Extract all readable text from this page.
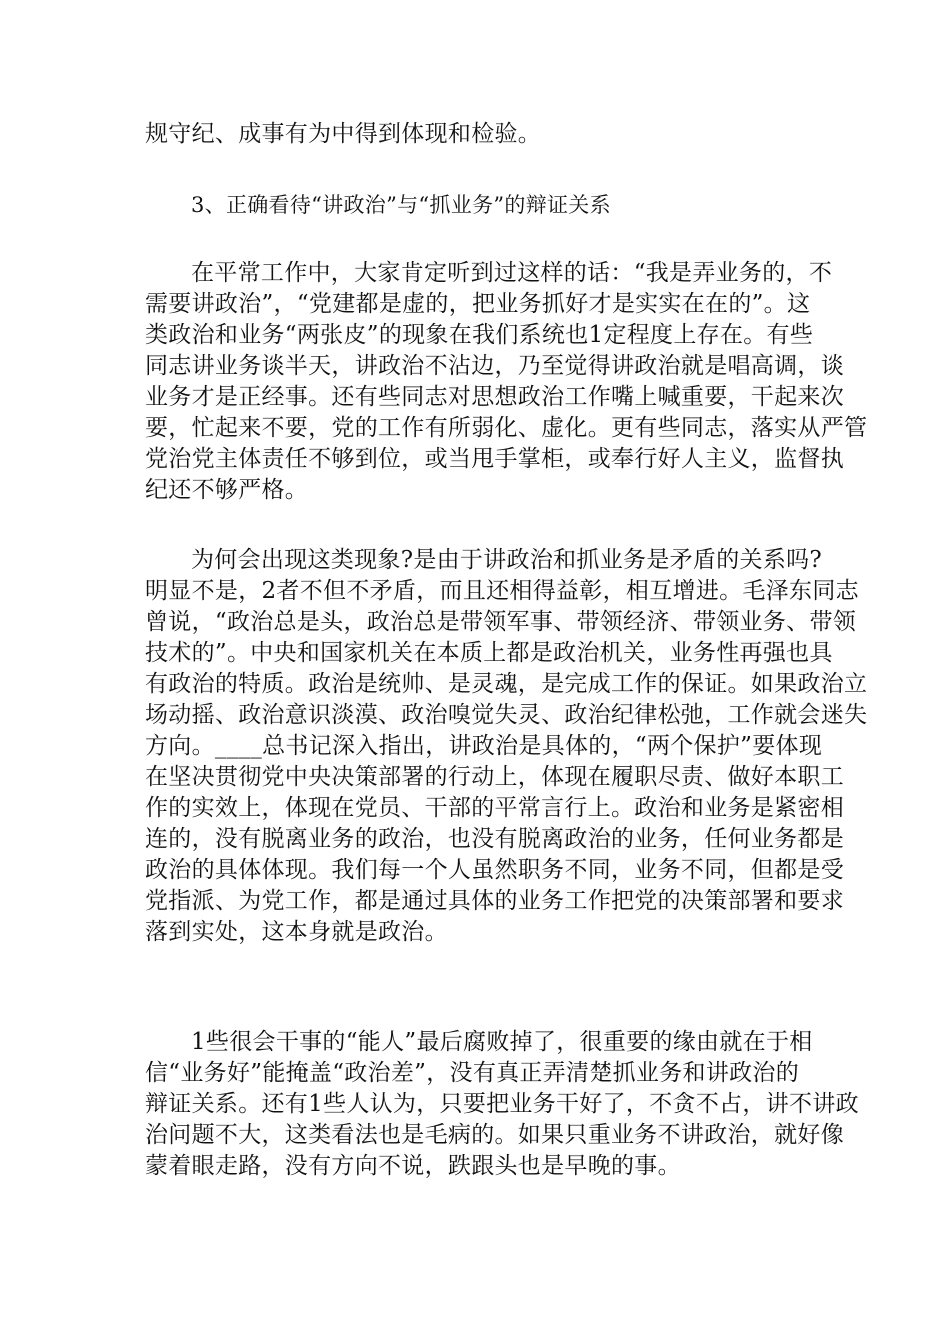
规守纪、成事有为中得到体现和检验。
3、正确看待“讲政治”与“抓业务”的辩证关系
在平常工作中，大家肯定听到过这样的话：“我是弄业务的，不
需要讲政治”，“党建都是虚的，把业务抓好才是实实在在的”。这
类政治和业务“两张皮”的现象在我们系统也1定程度上存在。有些
同志讲业务谈半天，讲政治不沾边，乃至觉得讲政治就是唱高调，谈
业务才是正经事。还有些同志对思想政治工作嘴上喊重要，干起来次
要，忙起来不要，党的工作有所弱化、虚化。更有些同志，落实从严管
党治党主体责任不够到位，或当甩手掌柜，或奉行好人主义，监督执
纪还不够严格。
为何会出现这类现象?是由于讲政治和抓业务是矛盾的关系吗?
明显不是，2者不但不矛盾，而且还相得益彰，相互增进。毛泽东同志
曾说，“政治总是头，政治总是带领军事、带领经济、带领业务、带领
技术的”。中央和国家机关在本质上都是政治机关，业务性再强也具
有政治的特质。政治是统帅、是灵魂，是完成工作的保证。如果政治立
场动摇、政治意识淡漠、政治嗅觉失灵、政治纪律松弛，工作就会迷失
方向。____总书记深入指出，讲政治是具体的，“两个保护”要体现
在坚决贯彻党中央决策部署的行动上，体现在履职尽责、做好本职工
作的实效上，体现在党员、干部的平常言行上。政治和业务是紧密相
连的，没有脱离业务的政治，也没有脱离政治的业务，任何业务都是
政治的具体体现。我们每一个人虽然职务不同，业务不同，但都是受
党指派、为党工作，都是通过具体的业务工作把党的决策部署和要求
落到实处，这本身就是政治。
1些很会干事的“能人”最后腐败掉了，很重要的缘由就在于相
信“业务好”能掩盖“政治差”，没有真正弄清楚抓业务和讲政治的
辩证关系。还有1些人认为，只要把业务干好了，不贪不占，讲不讲政
治问题不大，这类看法也是毛病的。如果只重业务不讲政治，就好像
蒙着眼走路，没有方向不说，跌跟头也是早晚的事。
